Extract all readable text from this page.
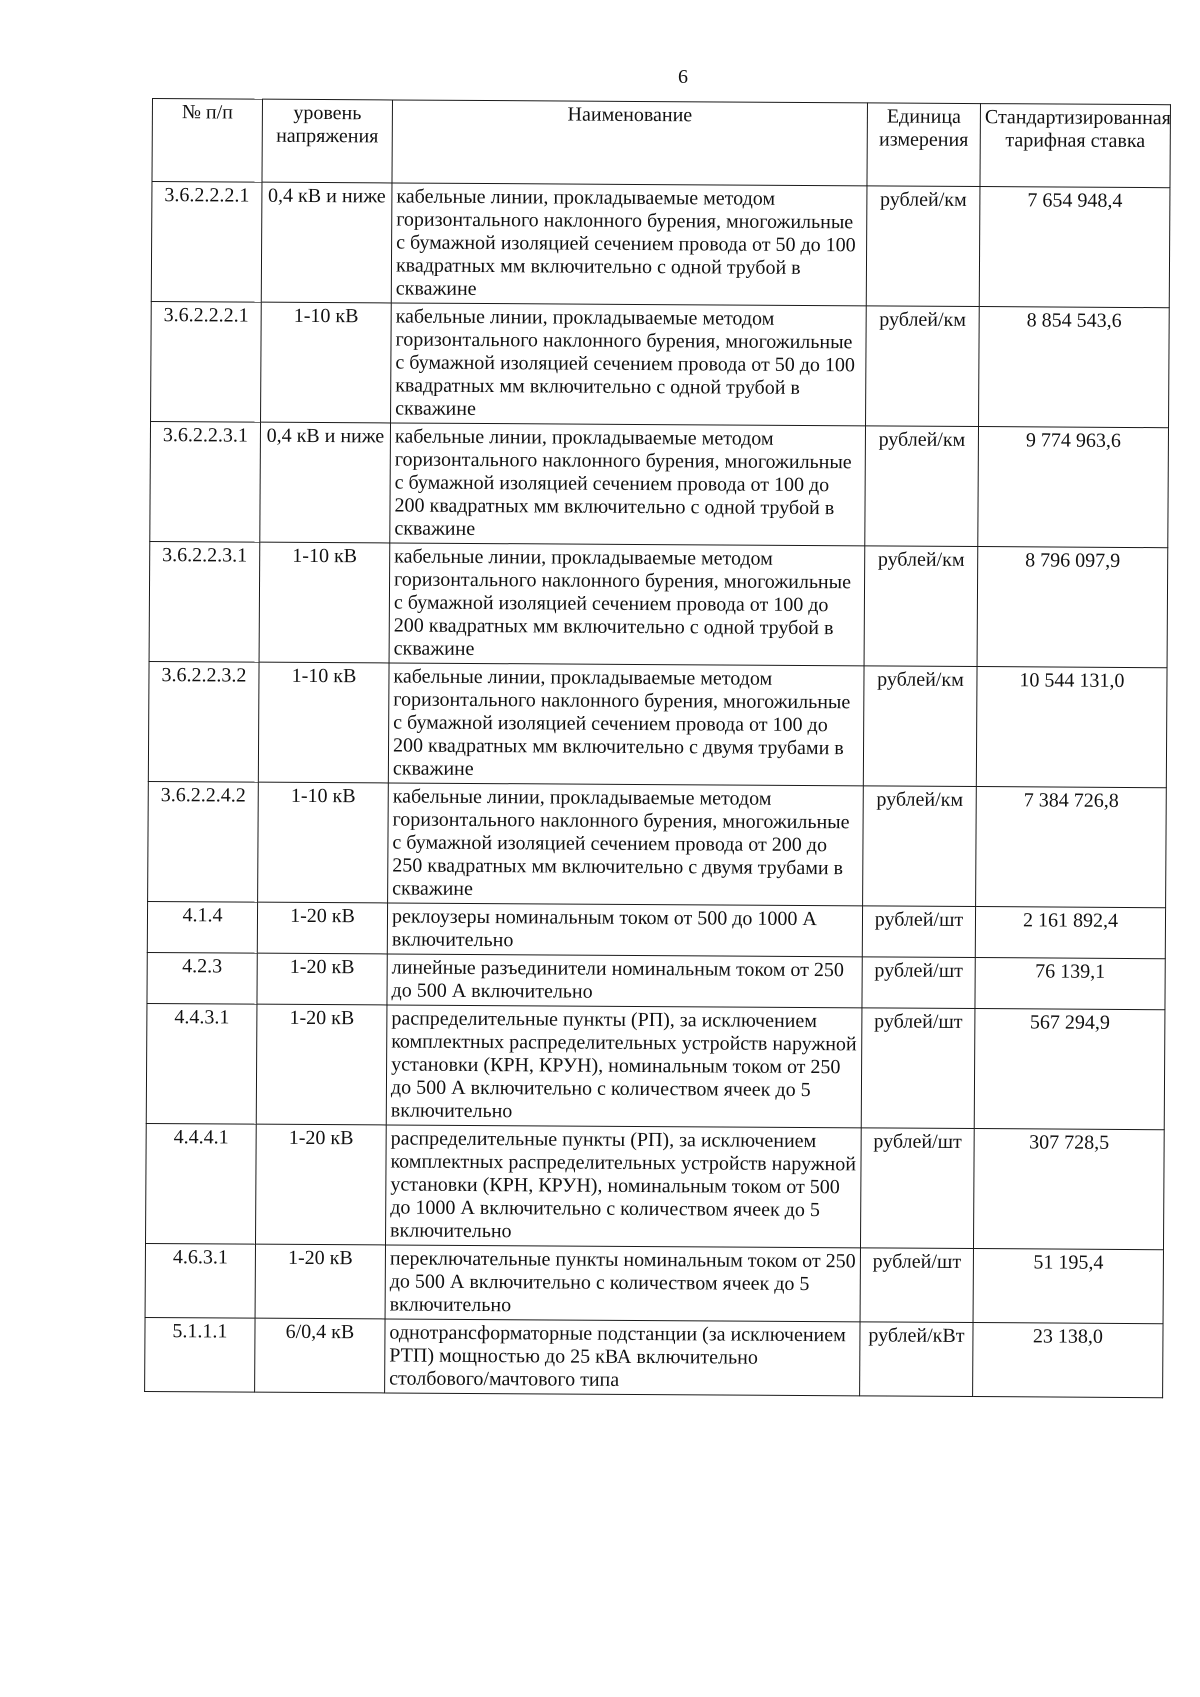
6
№ п/п	уровень напряжения	Наименование	Единица измерения	Стандартизированная тарифная ставка
3.6.2.2.2.1	0,4 кВ и ниже	кабельные линии, прокладываемые методом горизонтального наклонного бурения, многожильные с бумажной изоляцией сечением провода от 50 до 100 квадратных мм включительно с одной трубой в скважине	рублей/км	7 654 948,4
3.6.2.2.2.1	1-10 кВ	кабельные линии, прокладываемые методом горизонтального наклонного бурения, многожильные с бумажной изоляцией сечением провода от 50 до 100 квадратных мм включительно с одной трубой в скважине	рублей/км	8 854 543,6
3.6.2.2.3.1	0,4 кВ и ниже	кабельные линии, прокладываемые методом горизонтального наклонного бурения, многожильные с бумажной изоляцией сечением провода от 100 до 200 квадратных мм включительно с одной трубой в скважине	рублей/км	9 774 963,6
3.6.2.2.3.1	1-10 кВ	кабельные линии, прокладываемые методом горизонтального наклонного бурения, многожильные с бумажной изоляцией сечением провода от 100 до 200 квадратных мм включительно с одной трубой в скважине	рублей/км	8 796 097,9
3.6.2.2.3.2	1-10 кВ	кабельные линии, прокладываемые методом горизонтального наклонного бурения, многожильные с бумажной изоляцией сечением провода от 100 до 200 квадратных мм включительно с двумя трубами в скважине	рублей/км	10 544 131,0
3.6.2.2.4.2	1-10 кВ	кабельные линии, прокладываемые методом горизонтального наклонного бурения, многожильные с бумажной изоляцией сечением провода от 200 до 250 квадратных мм включительно с двумя трубами в скважине	рублей/км	7 384 726,8
4.1.4	1-20 кВ	реклоузеры номинальным током от 500 до 1000 А включительно	рублей/шт	2 161 892,4
4.2.3	1-20 кВ	линейные разъединители номинальным током от 250 до 500 А включительно	рублей/шт	76 139,1
4.4.3.1	1-20 кВ	распределительные пункты (РП), за исключением комплектных распределительных устройств наружной установки (КРН, КРУН), номинальным током от 250 до 500 А включительно с количеством ячеек до 5 включительно	рублей/шт	567 294,9
4.4.4.1	1-20 кВ	распределительные пункты (РП), за исключением комплектных распределительных устройств наружной установки (КРН, КРУН), номинальным током от 500 до 1000 А включительно с количеством ячеек до 5 включительно	рублей/шт	307 728,5
4.6.3.1	1-20 кВ	переключательные пункты номинальным током от 250 до 500 А включительно с количеством ячеек до 5 включительно	рублей/шт	51 195,4
5.1.1.1	6/0,4 кВ	однотрансформаторные подстанции (за исключением РТП) мощностью до 25 кВА включительно столбового/мачтового типа	рублей/кВт	23 138,0
